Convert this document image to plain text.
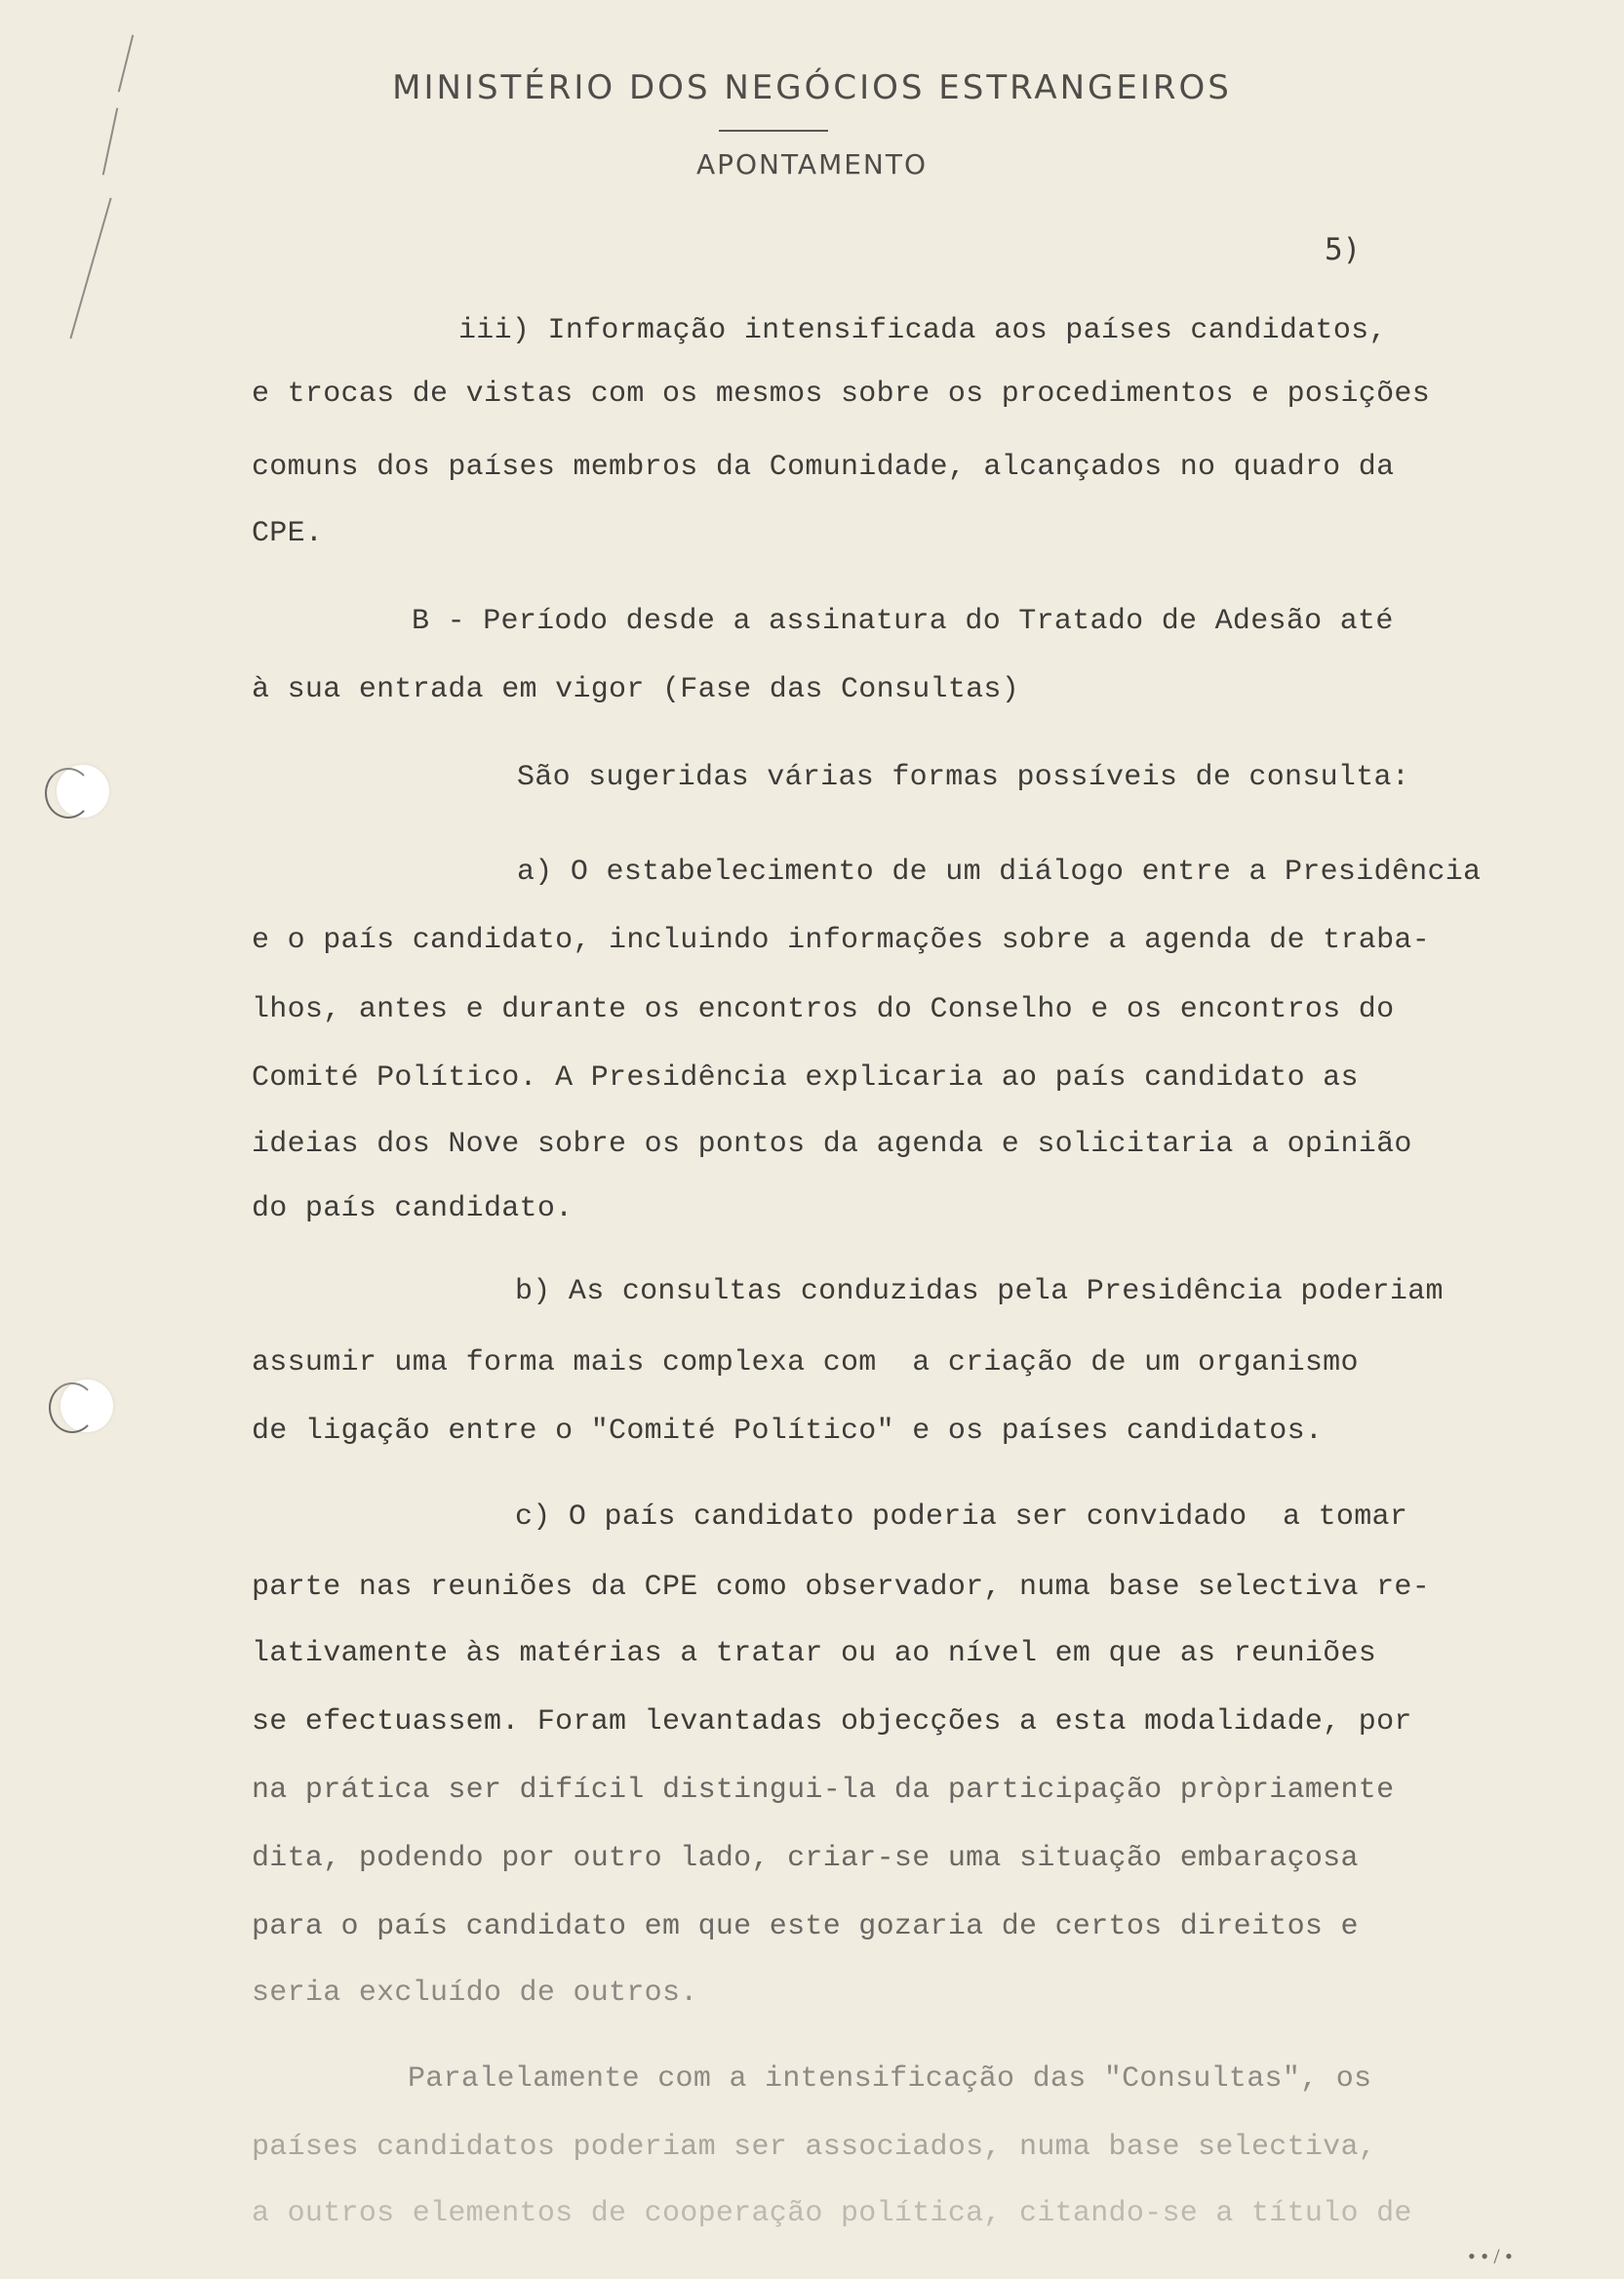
MINISTÉRIO DOS NEGÓCIOS ESTRANGEIROS
APONTAMENTO
5)
iii) Informação intensificada aos países candidatos,
e trocas de vistas com os mesmos sobre os procedimentos e posições
comuns dos países membros da Comunidade, alcançados no quadro da
CPE.
B - Período desde a assinatura do Tratado de Adesão até
à sua entrada em vigor (Fase das Consultas)
São sugeridas várias formas possíveis de consulta:
a) O estabelecimento de um diálogo entre a Presidência
e o país candidato, incluindo informações sobre a agenda de traba-
lhos, antes e durante os encontros do Conselho e os encontros do
Comité Político. A Presidência explicaria ao país candidato as
ideias dos Nove sobre os pontos da agenda e solicitaria a opinião
do país candidato.
b) As consultas conduzidas pela Presidência poderiam
assumir uma forma mais complexa com  a criação de um organismo
de ligação entre o "Comité Político" e os países candidatos.
c) O país candidato poderia ser convidado  a tomar
parte nas reuniões da CPE como observador, numa base selectiva re-
lativamente às matérias a tratar ou ao nível em que as reuniões
se efectuassem. Foram levantadas objecções a esta modalidade, por
na prática ser difícil distingui-la da participação pròpriamente
dita, podendo por outro lado, criar-se uma situação embaraçosa
para o país candidato em que este gozaria de certos direitos e
seria excluído de outros.
Paralelamente com a intensificação das "Consultas", os
países candidatos poderiam ser associados, numa base selectiva,
a outros elementos de cooperação política, citando-se a título de
• • / •
